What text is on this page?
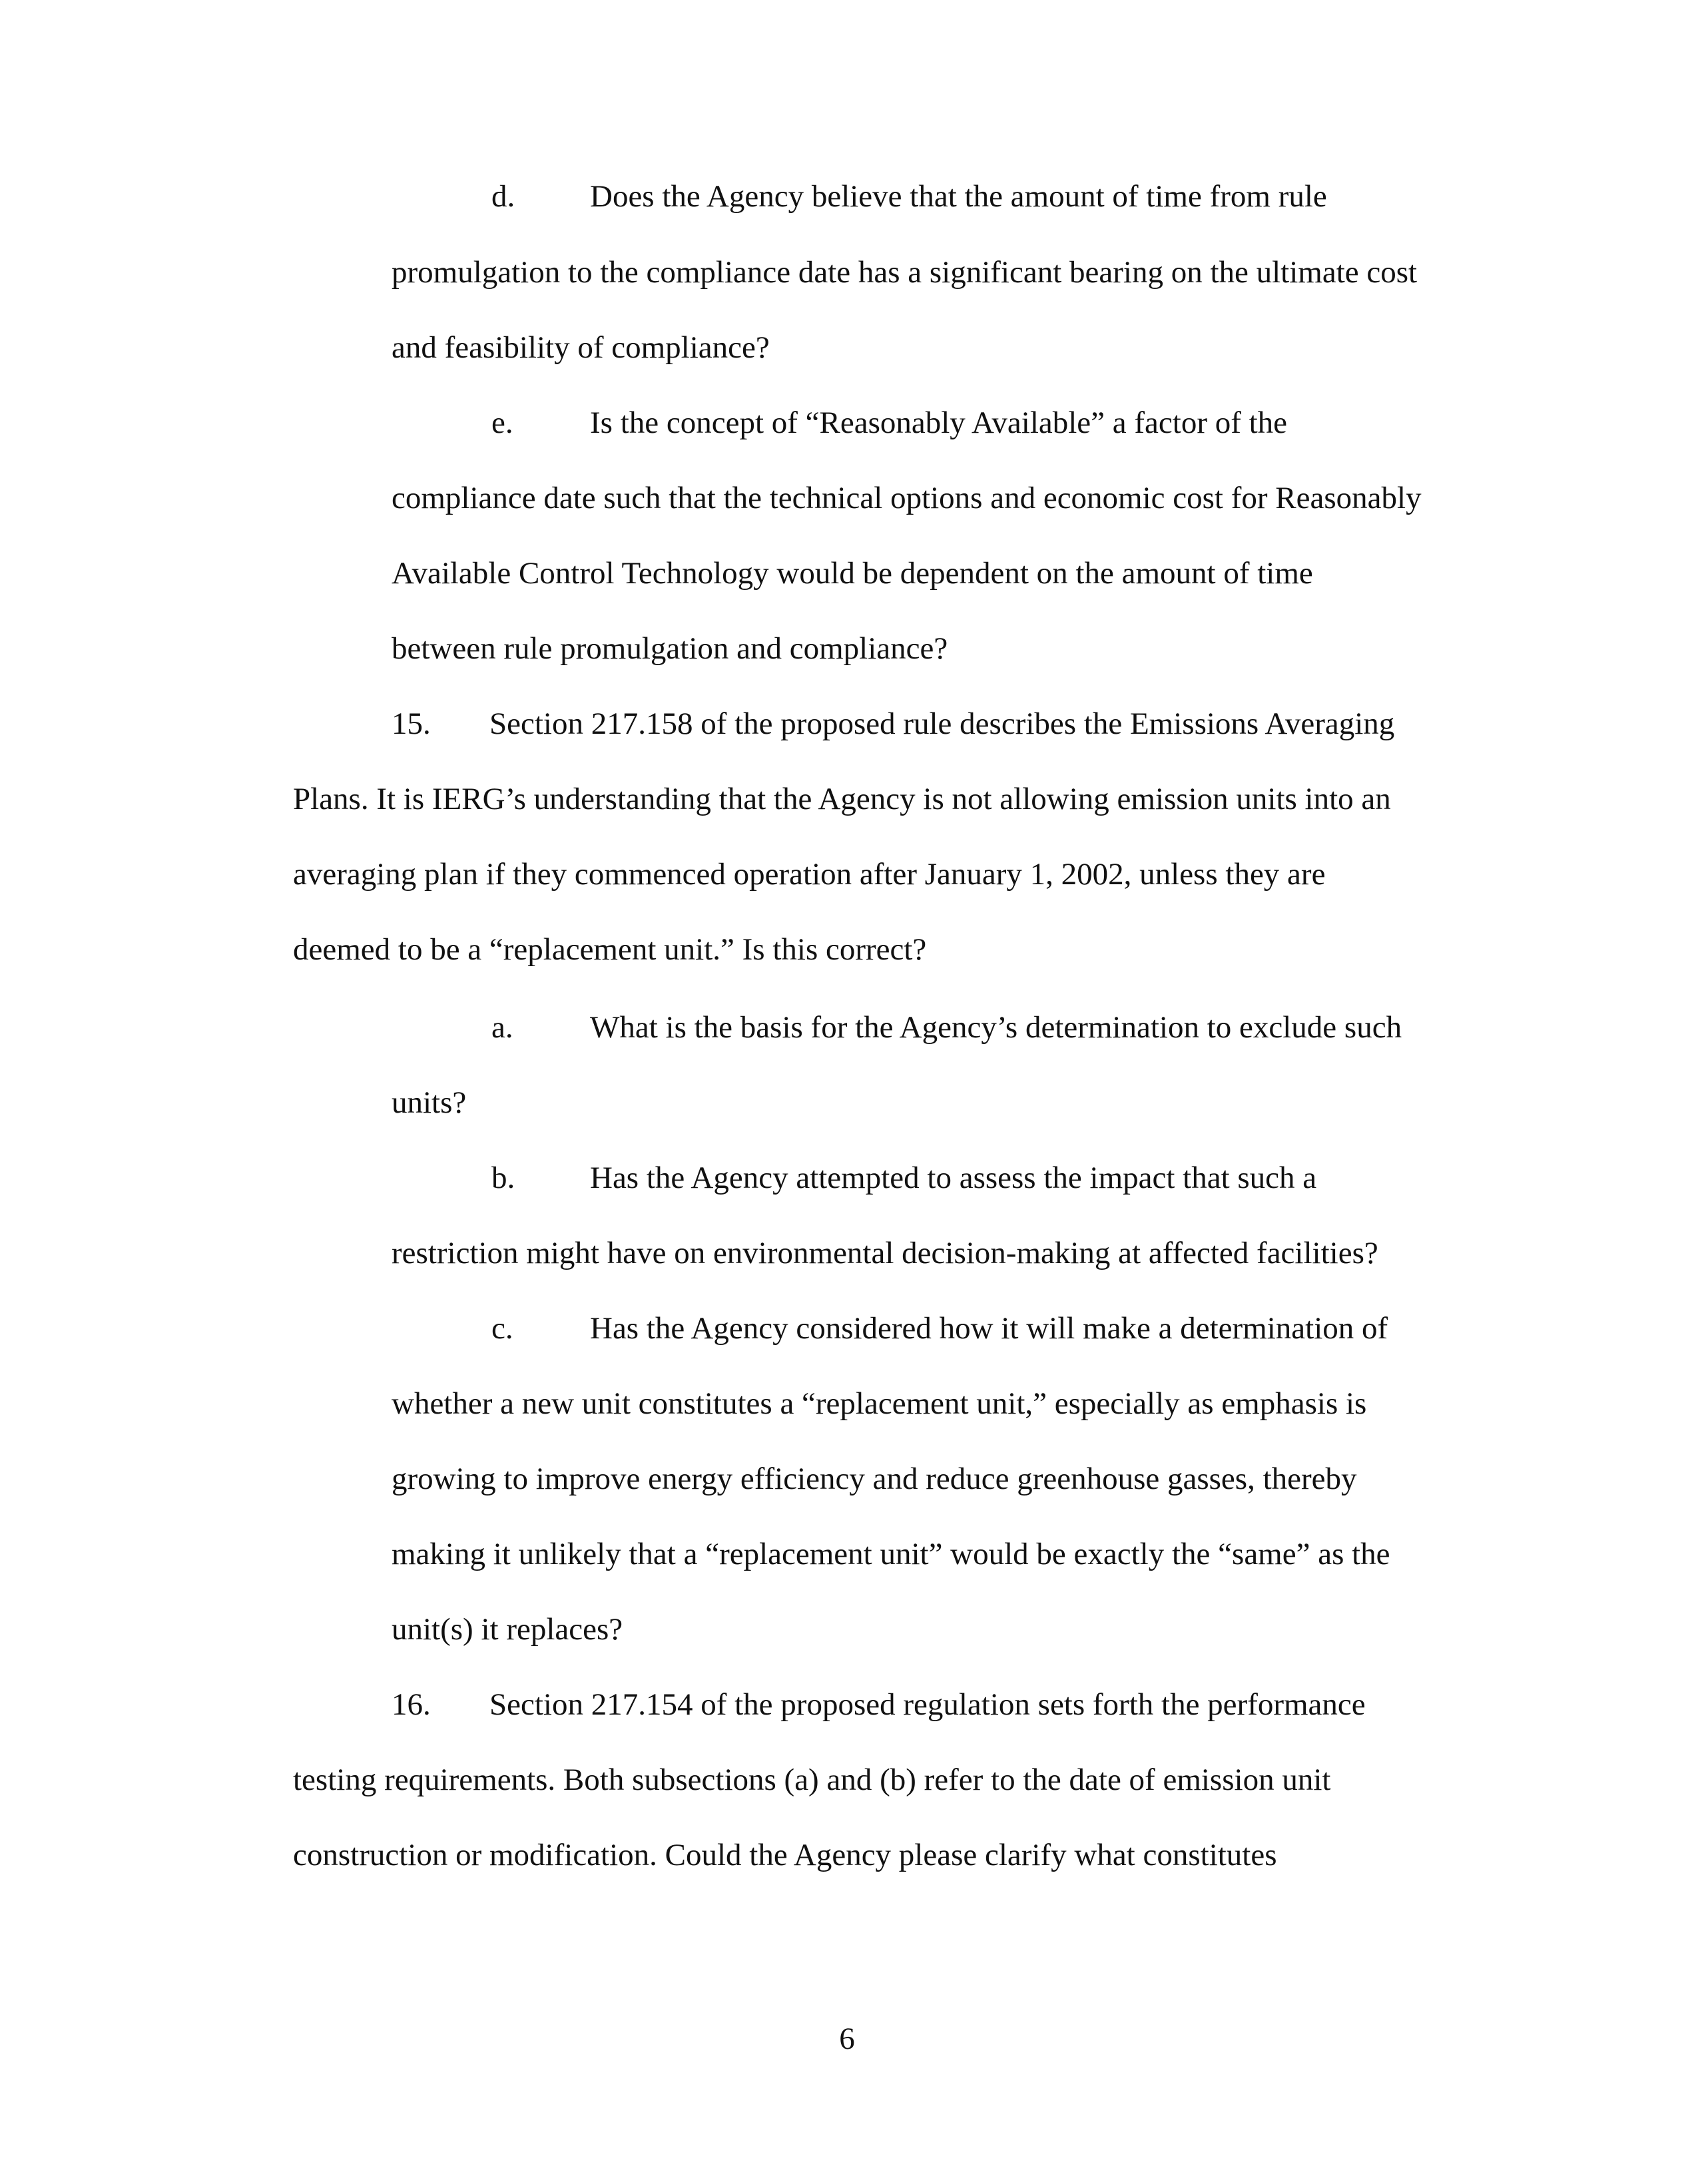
d. Does the Agency believe that the amount of time from rule
promulgation to the compliance date has a significant bearing on the ultimate cost
and feasibility of compliance?
e. Is the concept of “Reasonably Available” a factor of the
compliance date such that the technical options and economic cost for Reasonably
Available Control Technology would be dependent on the amount of time
between rule promulgation and compliance?
15. Section 217.158 of the proposed rule describes the Emissions Averaging
Plans. It is IERG’s understanding that the Agency is not allowing emission units into an
averaging plan if they commenced operation after January 1, 2002, unless they are
deemed to be a “replacement unit.” Is this correct?
a. What is the basis for the Agency’s determination to exclude such
units?
b. Has the Agency attempted to assess the impact that such a
restriction might have on environmental decision-making at affected facilities?
c. Has the Agency considered how it will make a determination of
whether a new unit constitutes a “replacement unit,” especially as emphasis is
growing to improve energy efficiency and reduce greenhouse gasses, thereby
making it unlikely that a “replacement unit” would be exactly the “same” as the
unit(s) it replaces?
16. Section 217.154 of the proposed regulation sets forth the performance
testing requirements. Both subsections (a) and (b) refer to the date of emission unit
construction or modification. Could the Agency please clarify what constitutes
6
